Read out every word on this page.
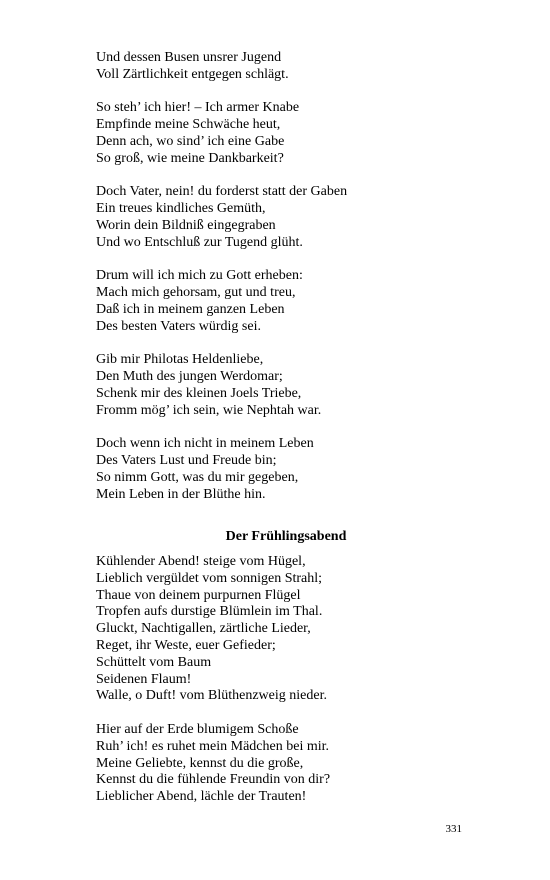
Und dessen Busen unsrer Jugend
Voll Zärtlichkeit entgegen schlägt.
So steh’ ich hier! – Ich armer Knabe
Empfinde meine Schwäche heut,
Denn ach, wo sind’ ich eine Gabe
So groß, wie meine Dankbarkeit?
Doch Vater, nein! du forderst statt der Gaben
Ein treues kindliches Gemüth,
Worin dein Bildniß eingegraben
Und wo Entschluß zur Tugend glüht.
Drum will ich mich zu Gott erheben:
Mach mich gehorsam, gut und treu,
Daß ich in meinem ganzen Leben
Des besten Vaters würdig sei.
Gib mir Philotas Heldenliebe,
Den Muth des jungen Werdomar;
Schenk mir des kleinen Joels Triebe,
Fromm mög’ ich sein, wie Nephtah war.
Doch wenn ich nicht in meinem Leben
Des Vaters Lust und Freude bin;
So nimm Gott, was du mir gegeben,
Mein Leben in der Blüthe hin.
Der Frühlingsabend
Kühlender Abend! steige vom Hügel,
Lieblich vergüldet vom sonnigen Strahl;
Thaue von deinem purpurnen Flügel
Tropfen aufs durstige Blümlein im Thal.
Gluckt, Nachtigallen, zärtliche Lieder,
Reget, ihr Weste, euer Gefieder;
Schüttelt vom Baum
Seidenen Flaum!
Walle, o Duft! vom Blüthenzweig nieder.
Hier auf der Erde blumigem Schoße
Ruh’ ich! es ruhet mein Mädchen bei mir.
Meine Geliebte, kennst du die große,
Kennst du die fühlende Freundin von dir?
Lieblicher Abend, lächle der Trauten!
331
